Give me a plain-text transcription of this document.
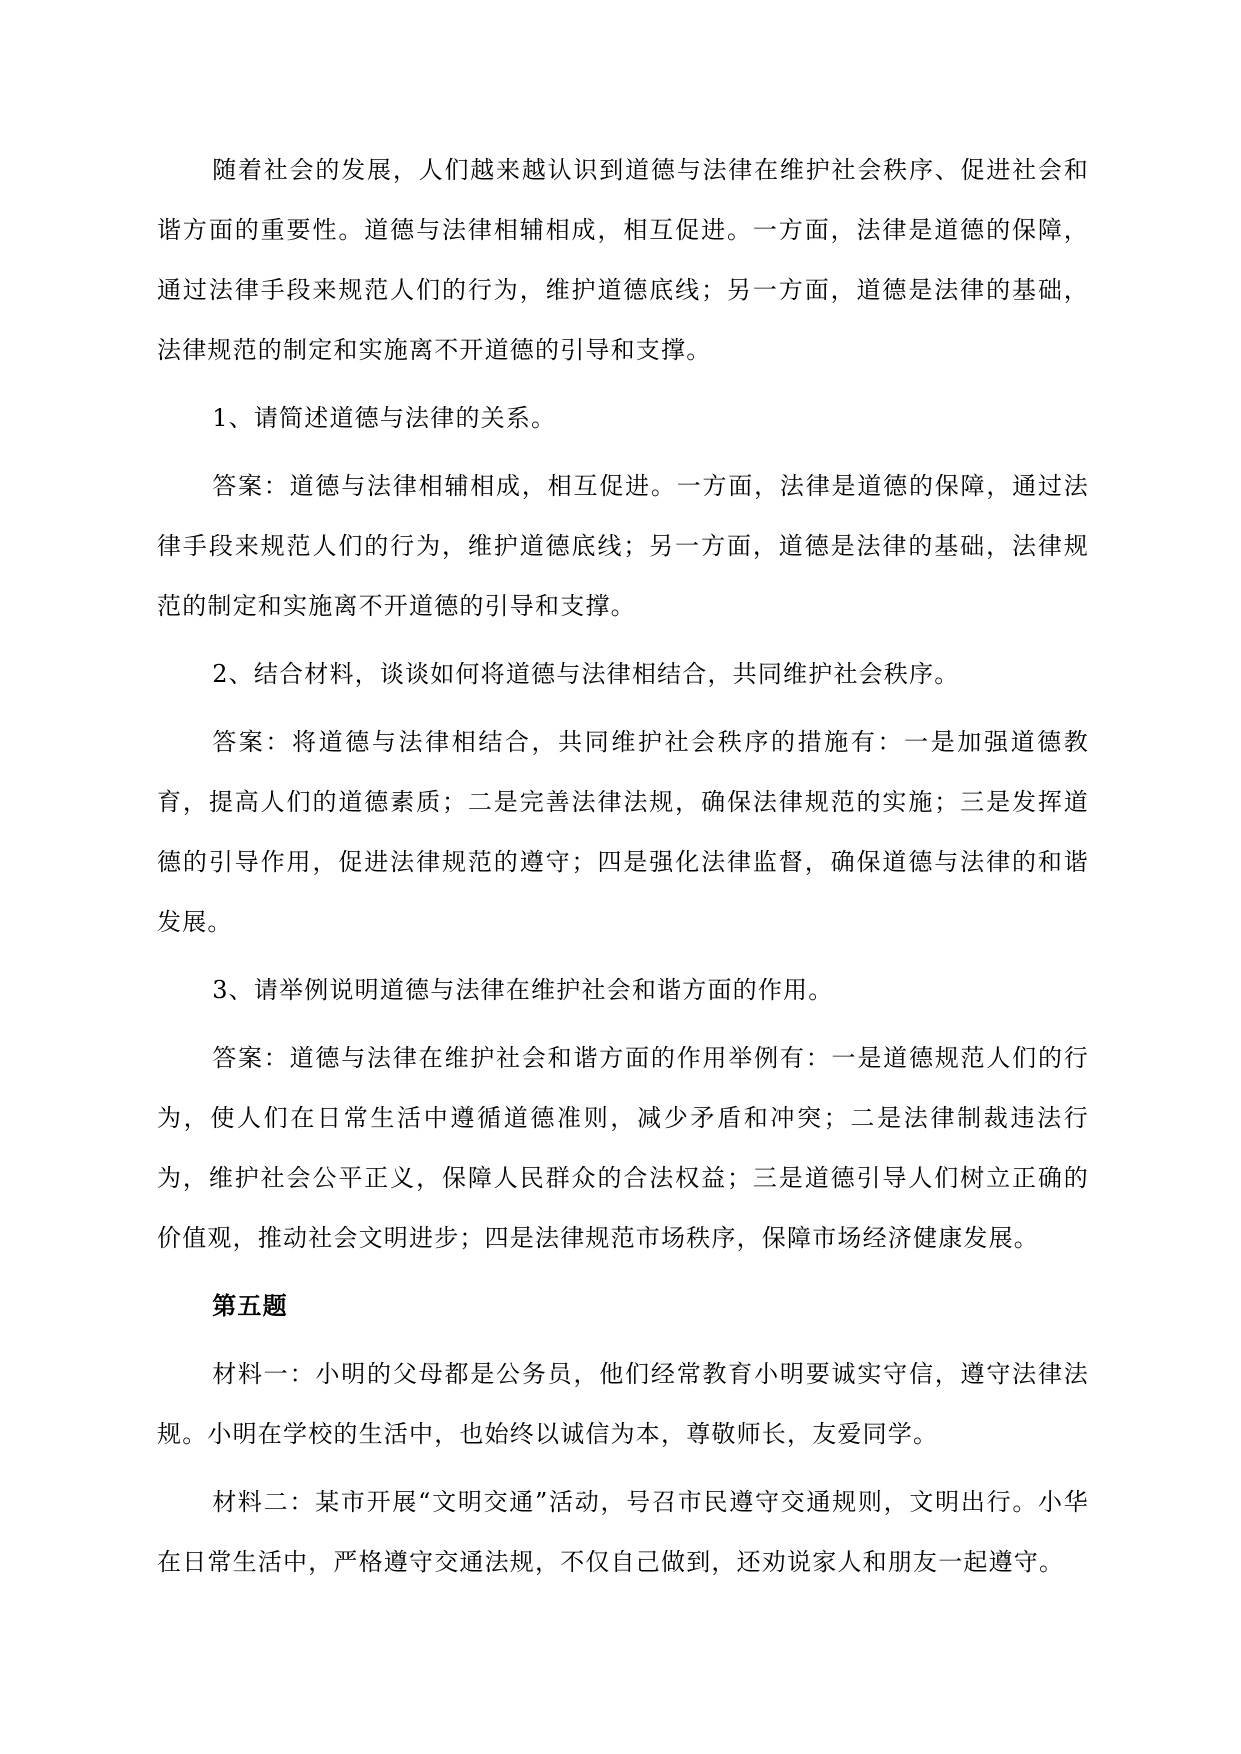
随着社会的发展，人们越来越认识到道德与法律在维护社会秩序、促进社会和谐方面的重要性。道德与法律相辅相成，相互促进。一方面，法律是道德的保障，通过法律手段来规范人们的行为，维护道德底线；另一方面，道德是法律的基础，法律规范的制定和实施离不开道德的引导和支撑。

1、请简述道德与法律的关系。

答案：道德与法律相辅相成，相互促进。一方面，法律是道德的保障，通过法律手段来规范人们的行为，维护道德底线；另一方面，道德是法律的基础，法律规范的制定和实施离不开道德的引导和支撑。

2、结合材料，谈谈如何将道德与法律相结合，共同维护社会秩序。

答案：将道德与法律相结合，共同维护社会秩序的措施有：一是加强道德教育，提高人们的道德素质；二是完善法律法规，确保法律规范的实施；三是发挥道德的引导作用，促进法律规范的遵守；四是强化法律监督，确保道德与法律的和谐发展。

3、请举例说明道德与法律在维护社会和谐方面的作用。

答案：道德与法律在维护社会和谐方面的作用举例有：一是道德规范人们的行为，使人们在日常生活中遵循道德准则，减少矛盾和冲突；二是法律制裁违法行为，维护社会公平正义，保障人民群众的合法权益；三是道德引导人们树立正确的价值观，推动社会文明进步；四是法律规范市场秩序，保障市场经济健康发展。

第五题

材料一：小明的父母都是公务员，他们经常教育小明要诚实守信，遵守法律法规。小明在学校的生活中，也始终以诚信为本，尊敬师长，友爱同学。

材料二：某市开展“文明交通”活动，号召市民遵守交通规则，文明出行。小华在日常生活中，严格遵守交通法规，不仅自己做到，还劝说家人和朋友一起遵守。
